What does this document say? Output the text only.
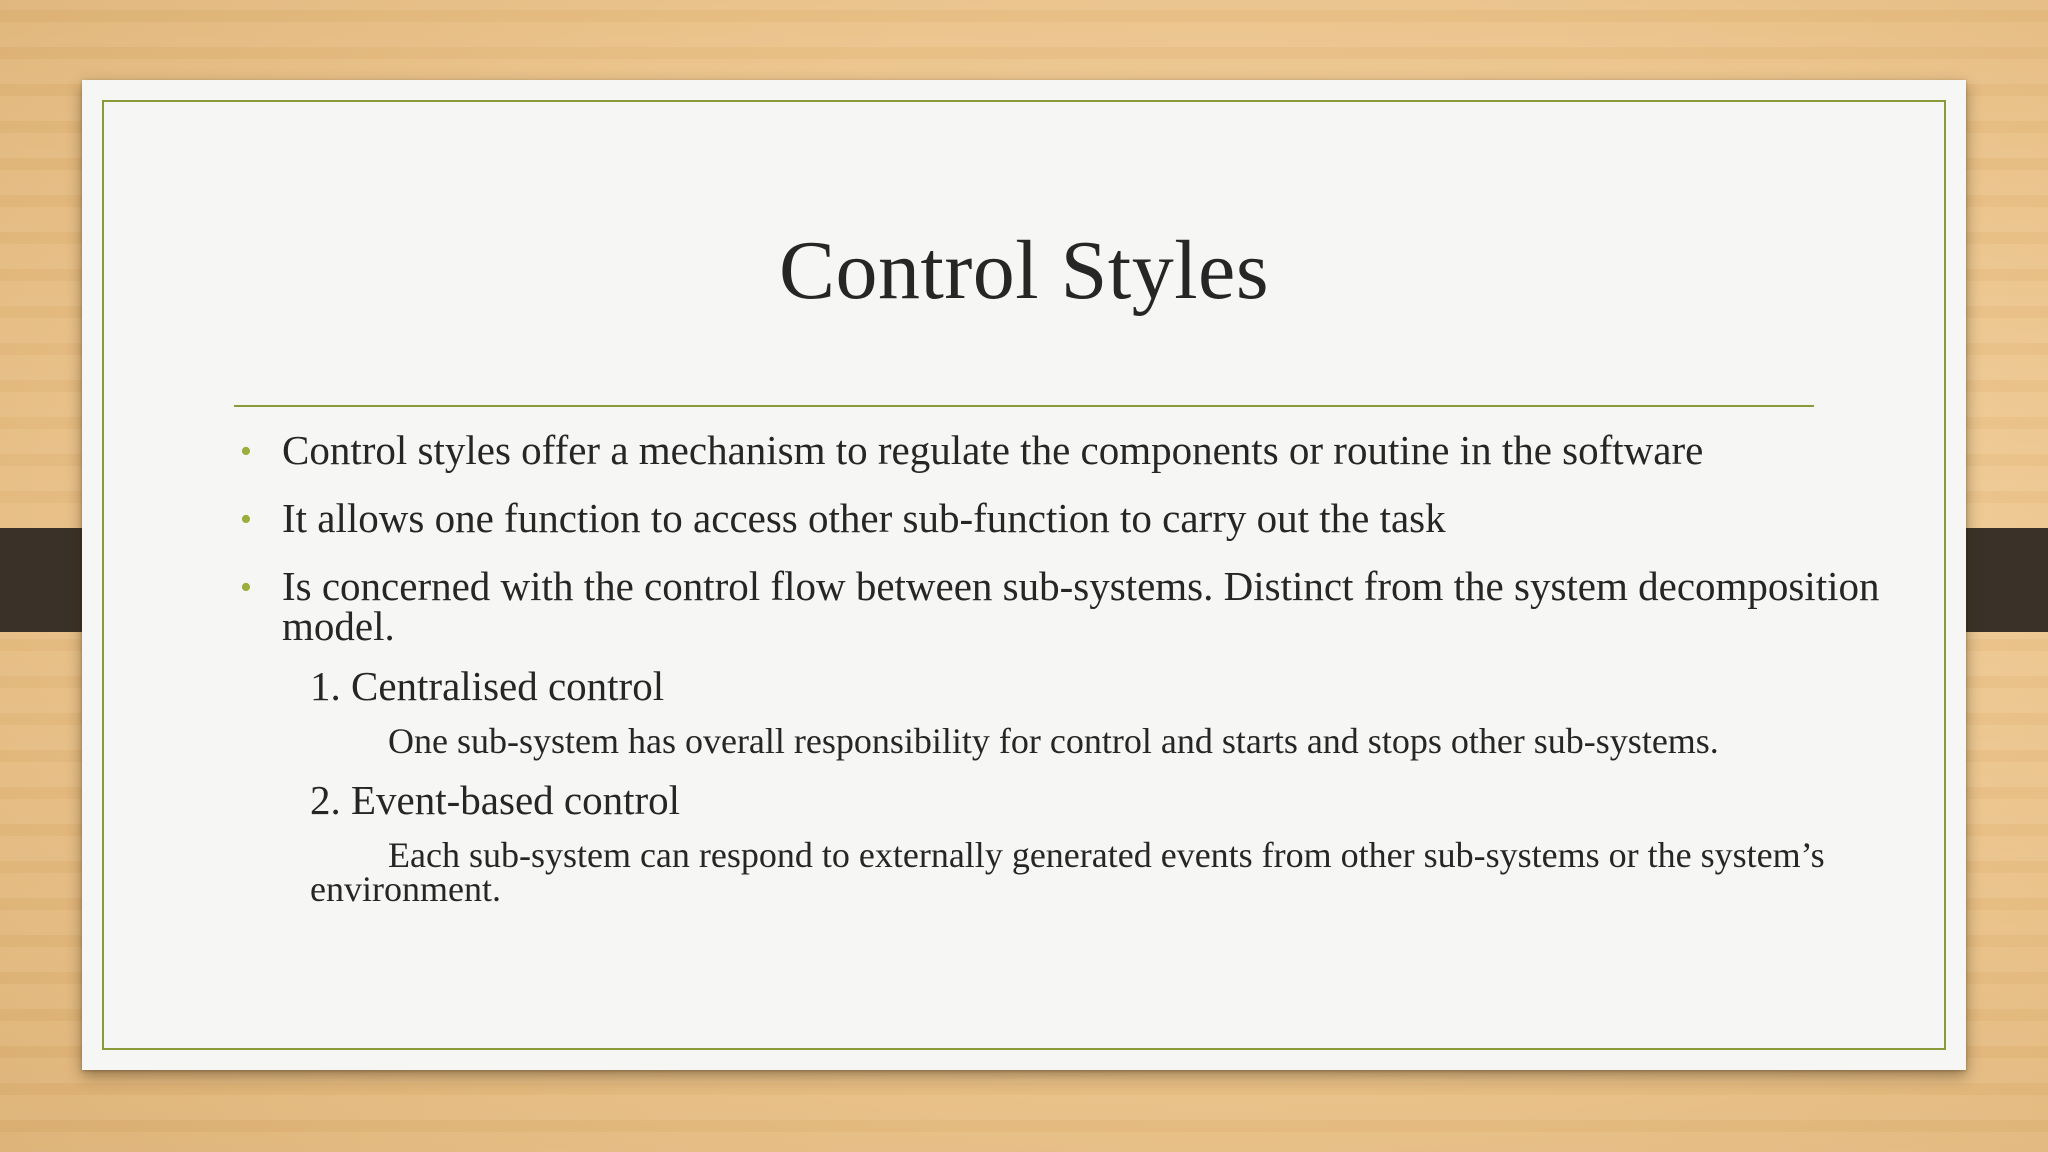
Control Styles
• Control styles offer a mechanism to regulate the components or routine in the software
• It allows one function to access other sub-function to carry out the task
• Is concerned with the control flow between sub-systems. Distinct from the system decomposition model.
1. Centralised control
One sub-system has overall responsibility for control and starts and stops other sub-systems.
2. Event-based control
Each sub-system can respond to externally generated events from other sub-systems or the system’s environment.
